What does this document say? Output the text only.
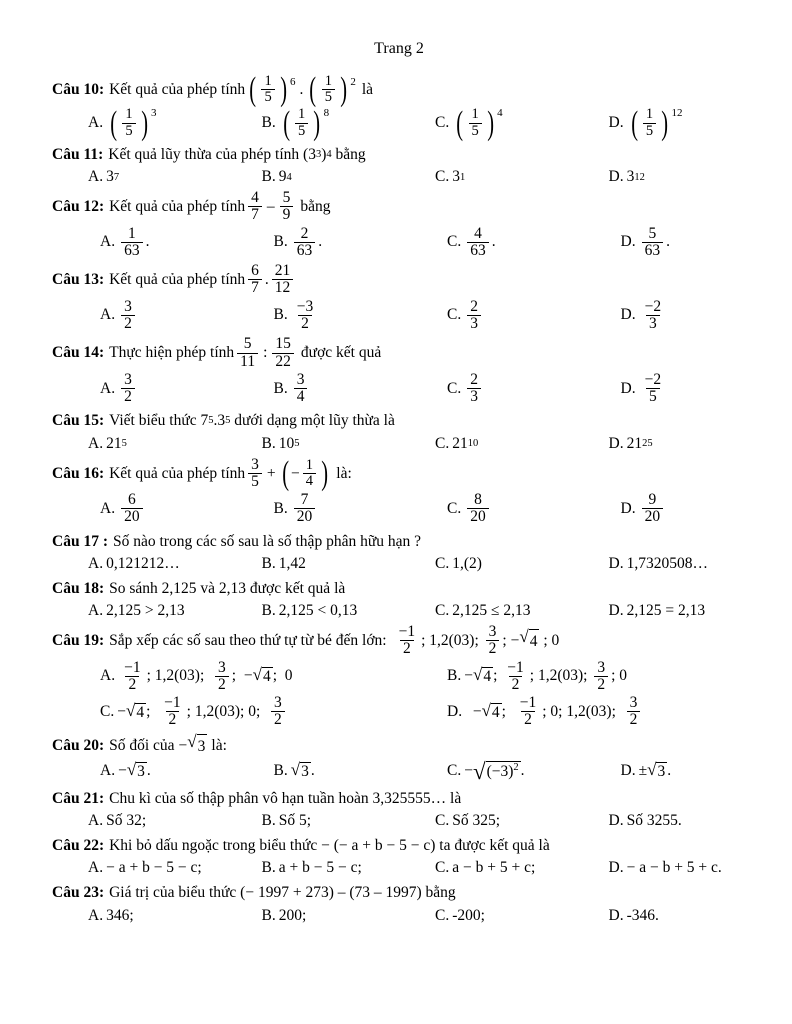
Trang 2
Câu 10: Kết quả của phép tính ( $\frac{1}{5}$ ) 6 . ( $\frac{1}{5}$ ) 2 là
A. ( $\frac{1}{5}$ ) 3
B. ( $\frac{1}{5}$ ) 8
C. ( $\frac{1}{5}$ ) 4
D. ( $\frac{1}{5}$ ) 12
Câu 11: Kết quả lũy thừa của phép tính (3 3 ) 4 bằng
A. 3 7	B. 9 4	C. 3 1	D. 3 12
Câu 12: Kết quả của phép tính $\frac{4}{7} - \frac{5}{9}$ bằng
A. $\frac{1}{63}$ .	B. $\frac{2}{63}$ .	C. $\frac{4}{63}$ .	D. $\frac{5}{63}$ .
Câu 13: Kết quả của phép tính $\frac{6}{7}$ . $\frac{21}{12}$
A. $\frac{3}{2}$	B. $\frac{-3}{2}$	C. $\frac{2}{3}$	D. $\frac{-2}{3}$
Câu 14: Thực hiện phép tính $\frac{5}{11}$ : $\frac{15}{22}$ được kết quả
A. $\frac{3}{2}$	B. $\frac{3}{4}$	C. $\frac{2}{3}$	D. $\frac{-2}{5}$
Câu 15: Viết biểu thức 7 5 . 3 5 dưới dạng một lũy thừa là
A. 21 5	B. 10 5	C. 21 10	D. 21 25
Câu 16: Kết quả của phép tính $\frac{3}{5}$ + ( − $\frac{1}{4}$ ) là:
A. $\frac{6}{20}$	B. $\frac{7}{20}$	C. $\frac{8}{20}$	D. $\frac{9}{20}$
Câu 17 : Số nào trong các số sau là số thập phân hữu hạn ?
A. 0,121212…	B. 1,42	C. 1,(2)	D. 1,7320508…
Câu 18: So sánh 2,125 và 2,13 được kết quả là
A. 2,125 > 2,13	B. 2,125 < 0,13	C. 2,125 ≤ 2,13	D. 2,125 = 2,13
Câu 19: Sắp xếp các số sau theo thứ tự từ bé đến lớn: $\frac{-1}{2}$ ; 1,2(03) ; $\frac{3}{2}$ ; − √ 4 ; 0
A. $\frac{-1}{2}$ ; 1,2(03) ; $\frac{3}{2}$ ;  − √ 4 ; 0	B. − √ 4 ; $\frac{-1}{2}$ ; 1,2(03) ; $\frac{3}{2}$ ; 0
C. − √ 4 ; $\frac{-1}{2}$ ; 1,2(03) ; 0 ; $\frac{3}{2}$	D. − √ 4 ; $\frac{-1}{2}$ ; 0 ; 1,2(03) ; $\frac{3}{2}$
Câu 20: Số đối của − √ 3 là:
A. − √ 3 .	B. √ 3 .	C. − √ $(-3)^2$ .	D. ± √ 3 .
Câu 21: Chu kì của số thập phân vô hạn tuần hoàn 3,325555… là
A. Số 32;	B. Số 5;	C. Số 325;	D. Số 3255.
Câu 22: Khi bỏ dấu ngoặc trong biểu thức − (− a + b − 5 − c) ta được kết quả là
A. − a + b − 5 − c;	B. a + b − 5 − c;	C. a − b + 5 + c;	D. − a − b + 5 + c.
Câu 23: Giá trị của biểu thức (− 1997 + 273) – (73 – 1997) bằng
A. 346;	B. 200;	C. -200;	D. -346.
